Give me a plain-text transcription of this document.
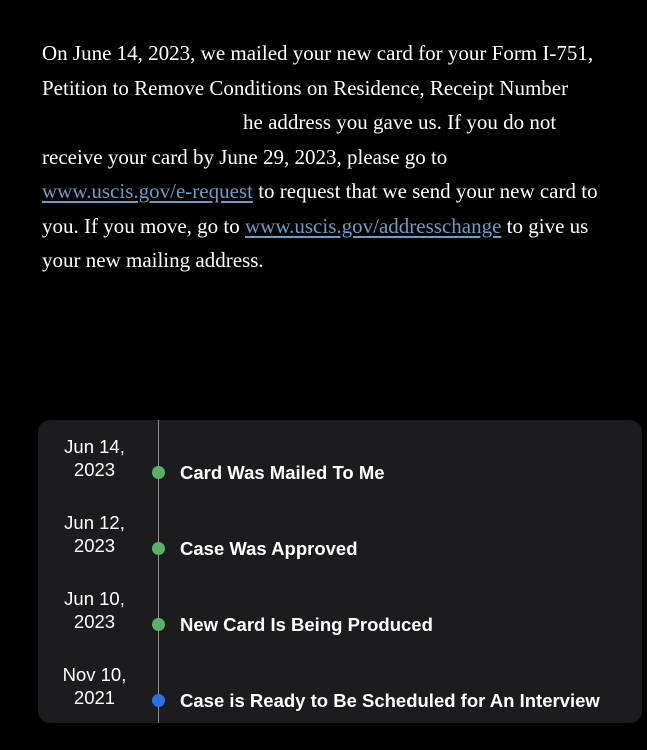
On June 14, 2023, we mailed your new card for your Form I-751,
Petition to Remove Conditions on Residence, Receipt Number
he address you gave us. If you do not
receive your card by June 29, 2023, please go to
www.uscis.gov/e-request to request that we send your new card to
you. If you move, go to www.uscis.gov/addresschange to give us
your new mailing address.
Jun 14,
2023	Card Was Mailed To Me
Jun 12,
2023	Case Was Approved
Jun 10,
2023	New Card Is Being Produced
Nov 10,
2021	Case is Ready to Be Scheduled for An Interview
